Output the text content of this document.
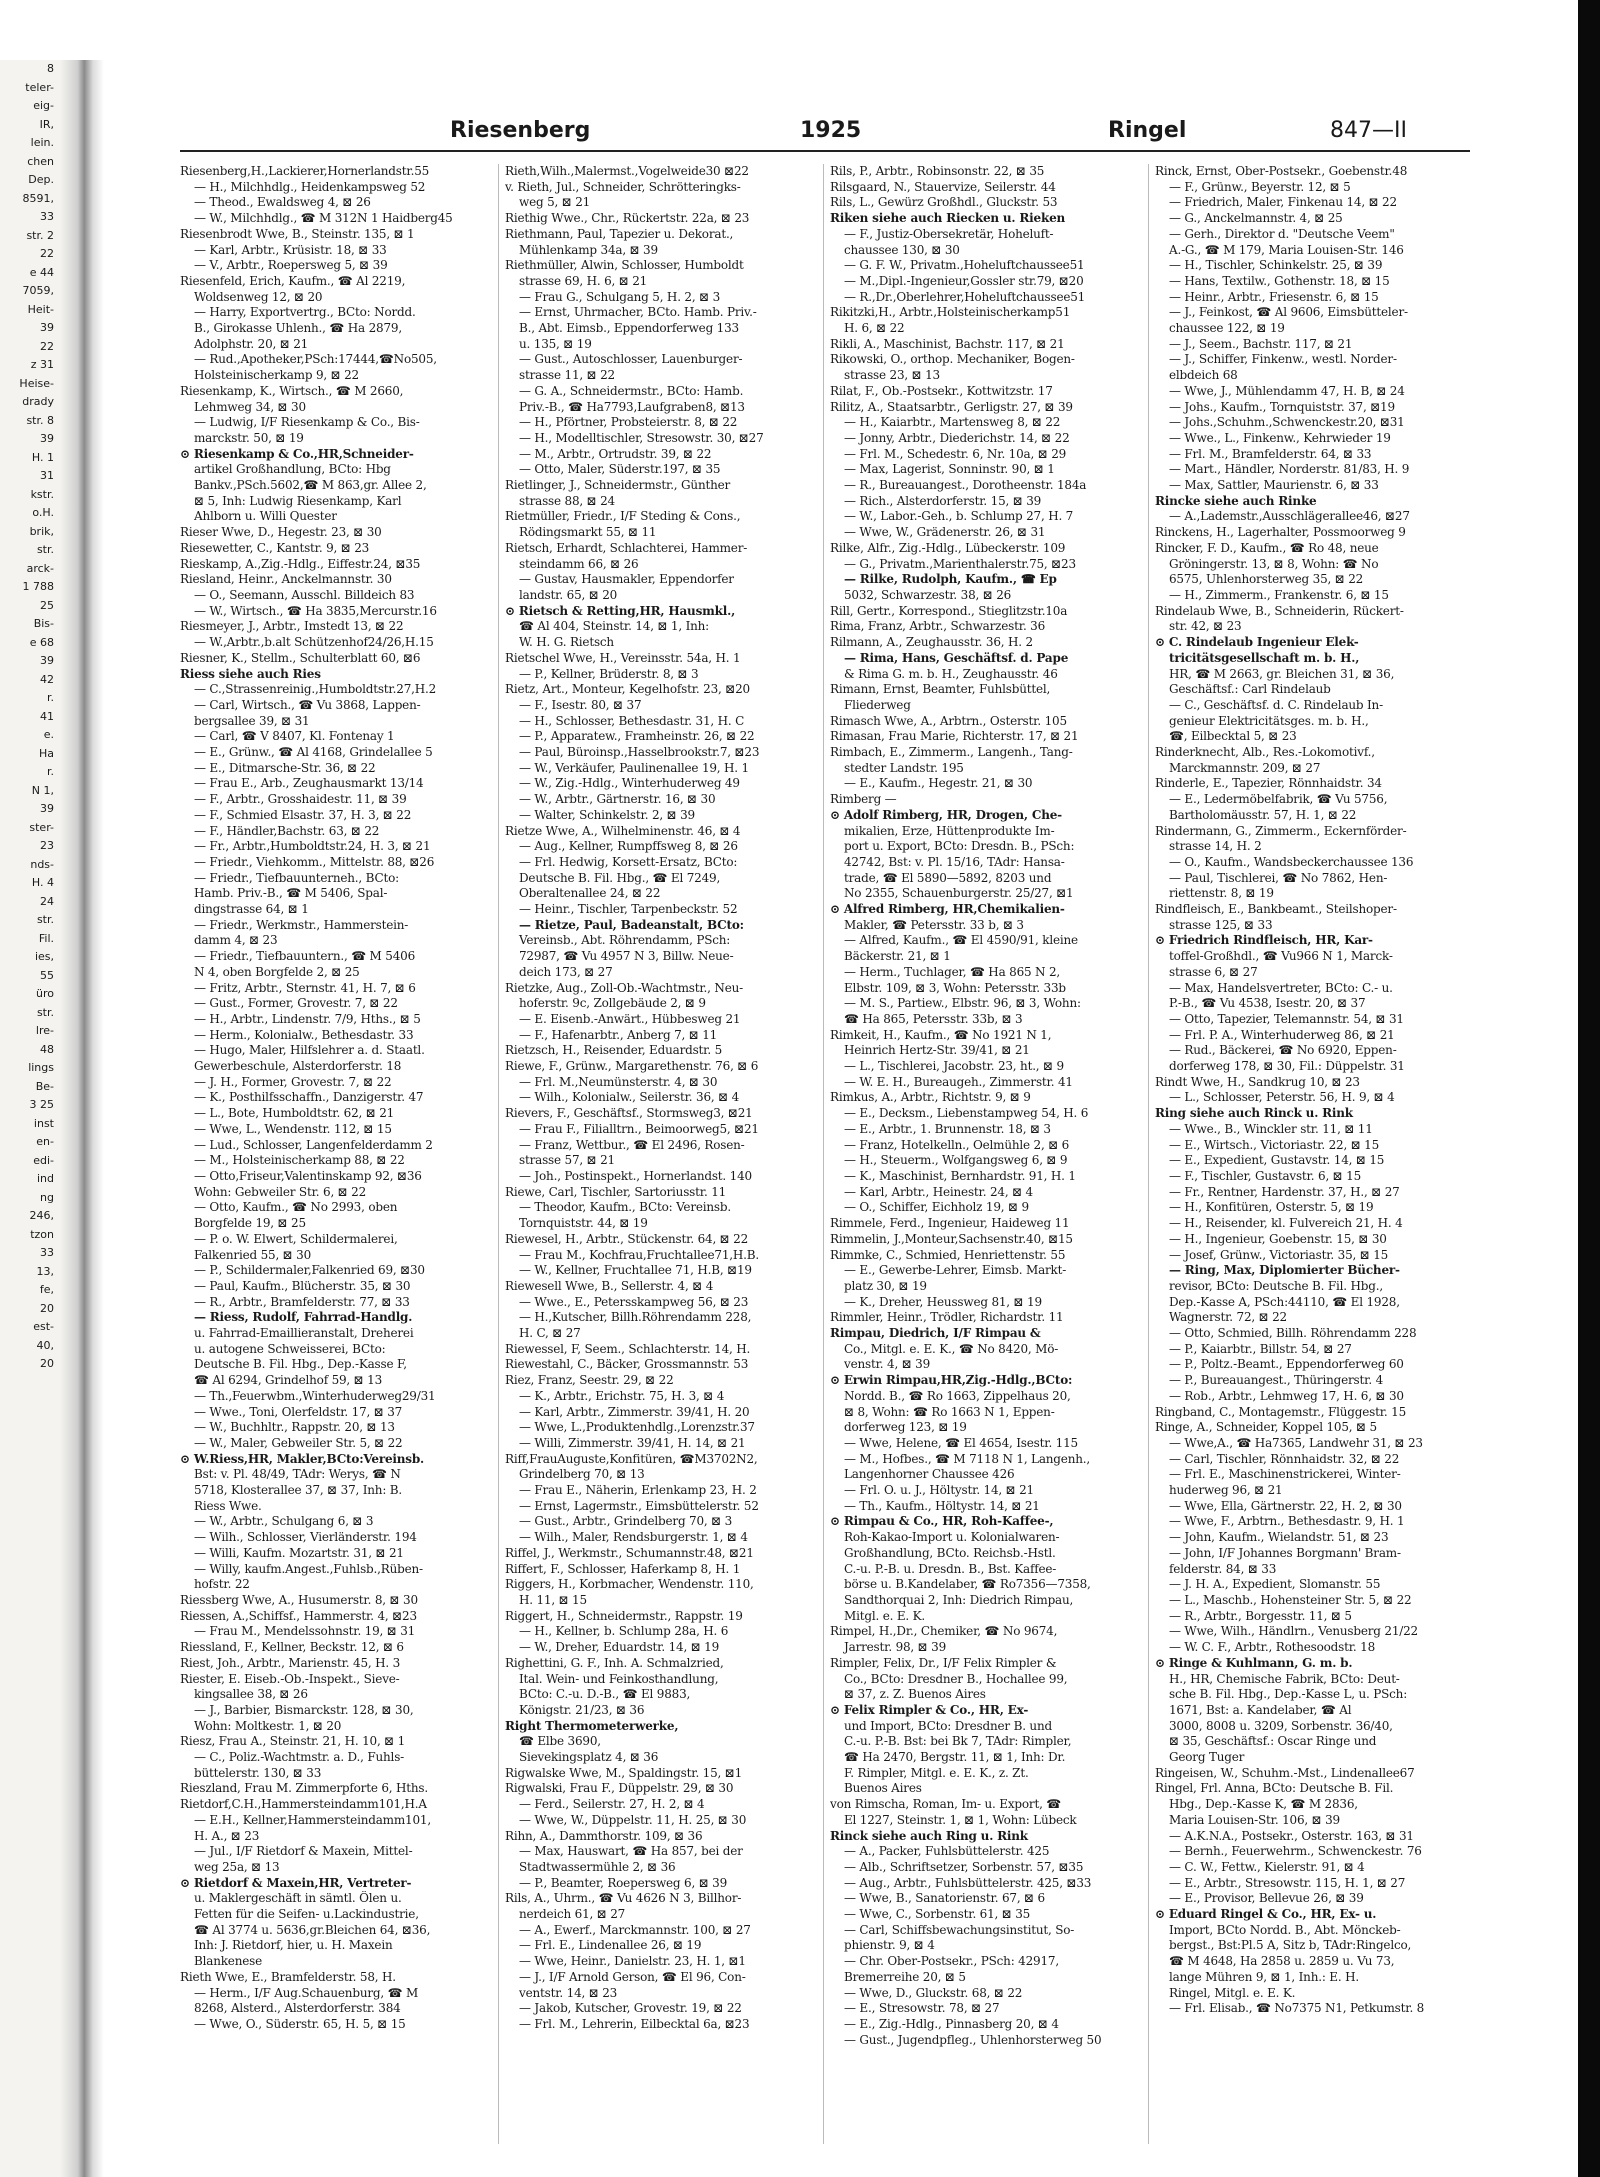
8
teler-
eig-
IR,
lein.
chen
Dep.
8591,
33
str. 2
22
e 44
7059,
Heit-
39
22
z 31
Heise-
drady
str. 8
39
H. 1
31
kstr.
o.H.
brik,
str.
arck-
1 788
25
Bis-
e 68
39
42
r.
41
e.
Ha
r.
N 1,
39
ster-
23
nds-
H. 4
24
str.
Fil.
ies,
55
üro
str.
lre-
48
lings
Be-
3 25
inst
en-
edi-
ind
ng
246,
tzon
33
13,
fe,
20
est-
40,
20
Riesenberg	1925	Ringel	847—II
Riesenberg,H.,Lackierer,Hornerlandstr.55
— H., Milchhdlg., Heidenkampsweg 52
— Theod., Ewaldsweg 4, ⊠ 26
— W., Milchhdlg., ☎ M 312N 1 Haidberg45
Riesenbrodt Wwe, B., Steinstr. 135, ⊠ 1
— Karl, Arbtr., Krüsistr. 18, ⊠ 33
— V., Arbtr., Roepersweg 5, ⊠ 39
Riesenfeld, Erich, Kaufm., ☎ Al 2219,
Woldsenweg 12, ⊠ 20
— Harry, Exportvertrg., BCto: Nordd.
B., Girokasse Uhlenh., ☎ Ha 2879,
Adolphstr. 20, ⊠ 21
— Rud.,Apotheker,PSch:17444,☎No505,
Holsteinischerkamp 9, ⊠ 22
Riesenkamp, K., Wirtsch., ☎ M 2660,
Lehmweg 34, ⊠ 30
— Ludwig, I/F Riesenkamp & Co., Bis-
marckstr. 50, ⊠ 19
⊙ Riesenkamp & Co.,HR,Schneider-
artikel Großhandlung, BCto: Hbg
Bankv.,PSch.5602,☎ M 863,gr. Allee 2,
⊠ 5, Inh: Ludwig Riesenkamp, Karl
Ahlborn u. Willi Quester
Rieser Wwe, D., Hegestr. 23, ⊠ 30
Riesewetter, C., Kantstr. 9, ⊠ 23
Rieskamp, A.,Zig.-Hdlg., Eiffestr.24, ⊠35
Riesland, Heinr., Anckelmannstr. 30
— O., Seemann, Ausschl. Billdeich 83
— W., Wirtsch., ☎ Ha 3835,Mercurstr.16
Riesmeyer, J., Arbtr., Imstedt 13, ⊠ 22
— W.,Arbtr.,b.alt Schützenhof24/26,H.15
Riesner, K., Stellm., Schulterblatt 60, ⊠6
Riess siehe auch Ries
— C.,Strassenreinig.,Humboldtstr.27,H.2
— Carl, Wirtsch., ☎ Vu 3868, Lappen-
bergsallee 39, ⊠ 31
— Carl, ☎ V 8407, Kl. Fontenay 1
— E., Grünw., ☎ Al 4168, Grindelallee 5
— E., Ditmarsche-Str. 36, ⊠ 22
— Frau E., Arb., Zeughausmarkt 13/14
— F., Arbtr., Grosshaidestr. 11, ⊠ 39
— F., Schmied Elsastr. 37, H. 3, ⊠ 22
— F., Händler,Bachstr. 63, ⊠ 22
— Fr., Arbtr.,Humboldtstr.24, H. 3, ⊠ 21
— Friedr., Viehkomm., Mittelstr. 88, ⊠26
— Friedr., Tiefbauunterneh., BCto:
Hamb. Priv.-B., ☎ M 5406, Spal-
dingstrasse 64, ⊠ 1
— Friedr., Werkmstr., Hammerstein-
damm 4, ⊠ 23
— Friedr., Tiefbauuntern., ☎ M 5406
N 4, oben Borgfelde 2, ⊠ 25
— Fritz, Arbtr., Sternstr. 41, H. 7, ⊠ 6
— Gust., Former, Grovestr. 7, ⊠ 22
— H., Arbtr., Lindenstr. 7/9, Hths., ⊠ 5
— Herm., Kolonialw., Bethesdastr. 33
— Hugo, Maler, Hilfslehrer a. d. Staatl.
Gewerbeschule, Alsterdorferstr. 18
— J. H., Former, Grovestr. 7, ⊠ 22
— K., Posthilfsschaffn., Danzigerstr. 47
— L., Bote, Humboldtstr. 62, ⊠ 21
— Wwe, L., Wendenstr. 112, ⊠ 15
— Lud., Schlosser, Langenfelderdamm 2
— M., Holsteinischerkamp 88, ⊠ 22
— Otto,Friseur,Valentinskamp 92, ⊠36
Wohn: Gebweiler Str. 6, ⊠ 22
— Otto, Kaufm., ☎ No 2993, oben
Borgfelde 19, ⊠ 25
— P. o. W. Elwert, Schildermalerei,
Falkenried 55, ⊠ 30
— P., Schildermaler,Falkenried 69, ⊠30
— Paul, Kaufm., Blücherstr. 35, ⊠ 30
— R., Arbtr., Bramfelderstr. 77, ⊠ 33
— Riess, Rudolf, Fahrrad-Handlg.
u. Fahrrad-Emaillieranstalt, Dreherei
u. autogene Schweisserei, BCto:
Deutsche B. Fil. Hbg., Dep.-Kasse F,
☎ Al 6294, Grindelhof 59, ⊠ 13
— Th.,Feuerwbm.,Winterhuderweg29/31
— Wwe., Toni, Olerfeldstr. 17, ⊠ 37
— W., Buchhltr., Rappstr. 20, ⊠ 13
— W., Maler, Gebweiler Str. 5, ⊠ 22
⊙ W.Riess,HR, Makler,BCto:Vereinsb.
Bst: v. Pl. 48/49, TAdr: Werys, ☎ N
5718, Klosterallee 37, ⊠ 37, Inh: B.
Riess Wwe.
— W., Arbtr., Schulgang 6, ⊠ 3
— Wilh., Schlosser, Vierländerstr. 194
— Willi, Kaufm. Mozartstr. 31, ⊠ 21
— Willy, kaufm.Angest.,Fuhlsb.,Rüben-
hofstr. 22
Riessberg Wwe, A., Husumerstr. 8, ⊠ 30
Riessen, A.,Schiffsf., Hammerstr. 4, ⊠23
— Frau M., Mendelssohnstr. 19, ⊠ 31
Riessland, F., Kellner, Beckstr. 12, ⊠ 6
Riest, Joh., Arbtr., Marienstr. 45, H. 3
Riester, E. Eiseb.-Ob.-Inspekt., Sieve-
kingsallee 38, ⊠ 26
— J., Barbier, Bismarckstr. 128, ⊠ 30,
Wohn: Moltkestr. 1, ⊠ 20
Riesz, Frau A., Steinstr. 21, H. 10, ⊠ 1
— C., Poliz.-Wachtmstr. a. D., Fuhls-
büttelerstr. 130, ⊠ 33
Rieszland, Frau M. Zimmerpforte 6, Hths.
Rietdorf,C.H.,Hammersteindamm101,H.A
— E.H., Kellner,Hammersteindamm101,
H. A., ⊠ 23
— Jul., I/F Rietdorf & Maxein, Mittel-
weg 25a, ⊠ 13
⊙ Rietdorf & Maxein,HR, Vertreter-
u. Maklergeschäft in sämtl. Ölen u.
Fetten für die Seifen- u.Lackindustrie,
☎ Al 3774 u. 5636,gr.Bleichen 64, ⊠36,
Inh: J. Rietdorf, hier, u. H. Maxein
Blankenese
Rieth Wwe, E., Bramfelderstr. 58, H.
— Herm., I/F Aug.Schauenburg, ☎ M
8268, Alsterd., Alsterdorferstr. 384
— Wwe, O., Süderstr. 65, H. 5, ⊠ 15
Rieth,Wilh.,Malermst.,Vogelweide30 ⊠22
v. Rieth, Jul., Schneider, Schrötteringks-
weg 5, ⊠ 21
Riethig Wwe., Chr., Rückertstr. 22a, ⊠ 23
Riethmann, Paul, Tapezier u. Dekorat.,
Mühlenkamp 34a, ⊠ 39
Riethmüller, Alwin, Schlosser, Humboldt
strasse 69, H. 6, ⊠ 21
— Frau G., Schulgang 5, H. 2, ⊠ 3
— Ernst, Uhrmacher, BCto. Hamb. Priv.-
B., Abt. Eimsb., Eppendorferweg 133
u. 135, ⊠ 19
— Gust., Autoschlosser, Lauenburger-
strasse 11, ⊠ 22
— G. A., Schneidermstr., BCto: Hamb.
Priv.-B., ☎ Ha7793,Laufgraben8, ⊠13
— H., Pförtner, Probsteierstr. 8, ⊠ 22
— H., Modelltischler, Stresowstr. 30, ⊠27
— M., Arbtr., Ortrudstr. 39, ⊠ 22
— Otto, Maler, Süderstr.197, ⊠ 35
Rietlinger, J., Schneidermstr., Günther
strasse 88, ⊠ 24
Rietmüller, Friedr., I/F Steding & Cons.,
Rödingsmarkt 55, ⊠ 11
Rietsch, Erhardt, Schlachterei, Hammer-
steindamm 66, ⊠ 26
— Gustav, Hausmakler, Eppendorfer
landstr. 65, ⊠ 20
⊙ Rietsch & Retting,HR, Hausmkl.,
☎ Al 404, Steinstr. 14, ⊠ 1, Inh:
W. H. G. Rietsch
Rietschel Wwe, H., Vereinsstr. 54a, H. 1
— P., Kellner, Brüderstr. 8, ⊠ 3
Rietz, Art., Monteur, Kegelhofstr. 23, ⊠20
— F., Isestr. 80, ⊠ 37
— H., Schlosser, Bethesdastr. 31, H. C
— P., Apparatew., Framheinstr. 26, ⊠ 22
— Paul, Büroinsp.,Hasselbrookstr.7, ⊠23
— W., Verkäufer, Paulinenallee 19, H. 1
— W., Zig.-Hdlg., Winterhuderweg 49
— W., Arbtr., Gärtnerstr. 16, ⊠ 30
— Walter, Schinkelstr. 2, ⊠ 39
Rietze Wwe, A., Wilhelminenstr. 46, ⊠ 4
— Aug., Kellner, Rumpffsweg 8, ⊠ 26
— Frl. Hedwig, Korsett-Ersatz, BCto:
Deutsche B. Fil. Hbg., ☎ El 7249,
Oberaltenallee 24, ⊠ 22
— Heinr., Tischler, Tarpenbeckstr. 52
— Rietze, Paul, Badeanstalt, BCto:
Vereinsb., Abt. Röhrendamm, PSch:
72987, ☎ Vu 4957 N 3, Billw. Neue-
deich 173, ⊠ 27
Rietzke, Aug., Zoll-Ob.-Wachtmstr., Neu-
hoferstr. 9c, Zollgebäude 2, ⊠ 9
— E. Eisenb.-Anwärt., Hübbesweg 21
— F., Hafenarbtr., Anberg 7, ⊠ 11
Rietzsch, H., Reisender, Eduardstr. 5
Riewe, F., Grünw., Margarethenstr. 76, ⊠ 6
— Frl. M.,Neumünsterstr. 4, ⊠ 30
— Wilh., Kolonialw., Seilerstr. 36, ⊠ 4
Rievers, F., Geschäftsf., Stormsweg3, ⊠21
— Frau F., Filialltrn., Beimoorweg5, ⊠21
— Franz, Wettbur., ☎ El 2496, Rosen-
strasse 57, ⊠ 21
— Joh., Postinspekt., Hornerlandst. 140
Riewe, Carl, Tischler, Sartoriusstr. 11
— Theodor, Kaufm., BCto: Vereinsb.
Tornquiststr. 44, ⊠ 19
Riewesel, H., Arbtr., Stückenstr. 64, ⊠ 22
— Frau M., Kochfrau,Fruchtallee71,H.B.
— W., Kellner, Fruchtallee 71, H.B, ⊠19
Riewesell Wwe, B., Sellerstr. 4, ⊠ 4
— Wwe., E., Petersskampweg 56, ⊠ 23
— H.,Kutscher, Billh.Röhrendamm 228,
H. C, ⊠ 27
Riewessel, F, Seem., Schlachterstr. 14, H.
Riewestahl, C., Bäcker, Grossmannstr. 53
Riez, Franz, Seestr. 29, ⊠ 22
— K., Arbtr., Erichstr. 75, H. 3, ⊠ 4
— Karl, Arbtr., Zimmerstr. 39/41, H. 20
— Wwe, L.,Produktenhdlg.,Lorenzstr.37
— Willi, Zimmerstr. 39/41, H. 14, ⊠ 21
Riff,FrauAuguste,Konfitüren, ☎M3702N2,
Grindelberg 70, ⊠ 13
— Frau E., Näherin, Erlenkamp 23, H. 2
— Ernst, Lagermstr., Eimsbüttelerstr. 52
— Gust., Arbtr., Grindelberg 70, ⊠ 3
— Wilh., Maler, Rendsburgerstr. 1, ⊠ 4
Riffel, J., Werkmstr., Schumannstr.48, ⊠21
Riffert, F., Schlosser, Haferkamp 8, H. 1
Riggers, H., Korbmacher, Wendenstr. 110,
H. 11, ⊠ 15
Riggert, H., Schneidermstr., Rappstr. 19
— H., Kellner, b. Schlump 28a, H. 6
— W., Dreher, Eduardstr. 14, ⊠ 19
Righettini, G. F., Inh. A. Schmalzried,
Ital. Wein- und Feinkosthandlung,
BCto: C.-u. D.-B., ☎ El 9883,
Königstr. 21/23, ⊠ 36
Right Thermometerwerke,
☎ Elbe 3690,
Sievekingsplatz 4, ⊠ 36
Rigwalske Wwe, M., Spaldingstr. 15, ⊠1
Rigwalski, Frau F., Düppelstr. 29, ⊠ 30
— Ferd., Seilerstr. 27, H. 2, ⊠ 4
— Wwe, W., Düppelstr. 11, H. 25, ⊠ 30
Rihn, A., Dammthorstr. 109, ⊠ 36
— Max, Hauswart, ☎ Ha 857, bei der
Stadtwassermühle 2, ⊠ 36
— P., Beamter, Roepersweg 6, ⊠ 39
Rils, A., Uhrm., ☎ Vu 4626 N 3, Billhor-
nerdeich 61, ⊠ 27
— A., Ewerf., Marckmannstr. 100, ⊠ 27
— Frl. E., Lindenallee 26, ⊠ 19
— Wwe, Heinr., Danielstr. 23, H. 1, ⊠1
— J., I/F Arnold Gerson, ☎ El 96, Con-
ventstr. 14, ⊠ 23
— Jakob, Kutscher, Grovestr. 19, ⊠ 22
— Frl. M., Lehrerin, Eilbecktal 6a, ⊠23
Rils, P., Arbtr., Robinsonstr. 22, ⊠ 35
Rilsgaard, N., Stauervize, Seilerstr. 44
Rils, L., Gewürz Großhdl., Gluckstr. 53
Riken siehe auch Riecken u. Rieken
— F., Justiz-Obersekretär, Hoheluft-
chaussee 130, ⊠ 30
— G. F. W., Privatm.,Hoheluftchaussee51
— M.,Dipl.-Ingenieur,Gossler str.79, ⊠20
— R.,Dr.,Oberlehrer,Hoheluftchaussee51
Rikitzki,H., Arbtr.,Holsteinischerkamp51
H. 6, ⊠ 22
Rikli, A., Maschinist, Bachstr. 117, ⊠ 21
Rikowski, O., orthop. Mechaniker, Bogen-
strasse 23, ⊠ 13
Rilat, F., Ob.-Postsekr., Kottwitzstr. 17
Rilitz, A., Staatsarbtr., Gerligstr. 27, ⊠ 39
— H., Kaiarbtr., Martensweg 8, ⊠ 22
— Jonny, Arbtr., Diederichstr. 14, ⊠ 22
— Frl. M., Schedestr. 6, Nr. 10a, ⊠ 29
— Max, Lagerist, Sonninstr. 90, ⊠ 1
— R., Bureauangest., Dorotheenstr. 184a
— Rich., Alsterdorferstr. 15, ⊠ 39
— W., Labor.-Geh., b. Schlump 27, H. 7
— Wwe, W., Grädenerstr. 26, ⊠ 31
Rilke, Alfr., Zig.-Hdlg., Lübeckerstr. 109
— G., Privatm.,Marienthalerstr.75, ⊠23
— Rilke, Rudolph, Kaufm., ☎ Ep
5032, Schwarzestr. 38, ⊠ 26
Rill, Gertr., Korrespond., Stieglitzstr.10a
Rima, Franz, Arbtr., Schwarzestr. 36
Rilmann, A., Zeughausstr. 36, H. 2
— Rima, Hans, Geschäftsf. d. Pape
& Rima G. m. b. H., Zeughausstr. 46
Rimann, Ernst, Beamter, Fuhlsbüttel,
Fliederweg
Rimasch Wwe, A., Arbtrn., Osterstr. 105
Rimasan, Frau Marie, Richterstr. 17, ⊠ 21
Rimbach, E., Zimmerm., Langenh., Tang-
stedter Landstr. 195
— E., Kaufm., Hegestr. 21, ⊠ 30
Rimberg —
⊙ Adolf Rimberg, HR, Drogen, Che-
mikalien, Erze, Hüttenprodukte Im-
port u. Export, BCto: Dresdn. B., PSch:
42742, Bst: v. Pl. 15/16, TAdr: Hansa-
trade, ☎ El 5890—5892, 8203 und
No 2355, Schauenburgerstr. 25/27, ⊠1
⊙ Alfred Rimberg, HR,Chemikalien-
Makler, ☎ Petersstr. 33 b, ⊠ 3
— Alfred, Kaufm., ☎ El 4590/91, kleine
Bäckerstr. 21, ⊠ 1
— Herm., Tuchlager, ☎ Ha 865 N 2,
Elbstr. 109, ⊠ 3, Wohn: Petersstr. 33b
— M. S., Partiew., Elbstr. 96, ⊠ 3, Wohn:
☎ Ha 865, Petersstr. 33b, ⊠ 3
Rimkeit, H., Kaufm., ☎ No 1921 N 1,
Heinrich Hertz-Str. 39/41, ⊠ 21
— L., Tischlerei, Jacobstr. 23, ht., ⊠ 9
— W. E. H., Bureaugeh., Zimmerstr. 41
Rimkus, A., Arbtr., Richtstr. 9, ⊠ 9
— E., Decksm., Liebenstampweg 54, H. 6
— E., Arbtr., 1. Brunnenstr. 18, ⊠ 3
— Franz, Hotelkelln., Oelmühle 2, ⊠ 6
— H., Steuerm., Wolfgangsweg 6, ⊠ 9
— K., Maschinist, Bernhardstr. 91, H. 1
— Karl, Arbtr., Heinestr. 24, ⊠ 4
— O., Schiffer, Eichholz 19, ⊠ 9
Rimmele, Ferd., Ingenieur, Haideweg 11
Rimmelin, J.,Monteur,Sachsenstr.40, ⊠15
Rimmke, C., Schmied, Henriettenstr. 55
— E., Gewerbe-Lehrer, Eimsb. Markt-
platz 30, ⊠ 19
— K., Dreher, Heussweg 81, ⊠ 19
Rimmler, Heinr., Trödler, Richardstr. 11
Rimpau, Diedrich, I/F Rimpau &
Co., Mitgl. e. E. K., ☎ No 8420, Mö-
venstr. 4, ⊠ 39
⊙ Erwin Rimpau,HR,Zig.-Hdlg.,BCto:
Nordd. B., ☎ Ro 1663, Zippelhaus 20,
⊠ 8, Wohn: ☎ Ro 1663 N 1, Eppen-
dorferweg 123, ⊠ 19
— Wwe, Helene, ☎ El 4654, Isestr. 115
— M., Hofbes., ☎ M 7118 N 1, Langenh.,
Langenhorner Chaussee 426
— Frl. O. u. J., Höltystr. 14, ⊠ 21
— Th., Kaufm., Höltystr. 14, ⊠ 21
⊙ Rimpau & Co., HR, Roh-Kaffee-,
Roh-Kakao-Import u. Kolonialwaren-
Großhandlung, BCto. Reichsb.-Hstl.
C.-u. P.-B. u. Dresdn. B., Bst. Kaffee-
börse u. B.Kandelaber, ☎ Ro7356—7358,
Sandthorquai 2, Inh: Diedrich Rimpau,
Mitgl. e. E. K.
Rimpel, H.,Dr., Chemiker, ☎ No 9674,
Jarrestr. 98, ⊠ 39
Rimpler, Felix, Dr., I/F Felix Rimpler &
Co., BCto: Dresdner B., Hochallee 99,
⊠ 37, z. Z. Buenos Aires
⊙ Felix Rimpler & Co., HR, Ex-
und Import, BCto: Dresdner B. und
C.-u. P.-B. Bst: bei Bk 7, TAdr: Rimpler,
☎ Ha 2470, Bergstr. 11, ⊠ 1, Inh: Dr.
F. Rimpler, Mitgl. e. E. K., z. Zt.
Buenos Aires
von Rimscha, Roman, Im- u. Export, ☎
El 1227, Steinstr. 1, ⊠ 1, Wohn: Lübeck
Rinck siehe auch Ring u. Rink
— A., Packer, Fuhlsbüttelerstr. 425
— Alb., Schriftsetzer, Sorbenstr. 57, ⊠35
— Aug., Arbtr., Fuhlsbüttelerstr. 425, ⊠33
— Wwe, B., Sanatorienstr. 67, ⊠ 6
— Wwe, C., Sorbenstr. 61, ⊠ 35
— Carl, Schiffsbewachungsinstitut, So-
phienstr. 9, ⊠ 4
— Chr. Ober-Postsekr., PSch: 42917,
Bremerreihe 20, ⊠ 5
— Wwe, D., Gluckstr. 68, ⊠ 22
— E., Stresowstr. 78, ⊠ 27
— E., Zig.-Hdlg., Pinnasberg 20, ⊠ 4
— Gust., Jugendpfleg., Uhlenhorsterweg 50
Rinck, Ernst, Ober-Postsekr., Goebenstr.48
— F., Grünw., Beyerstr. 12, ⊠ 5
— Friedrich, Maler, Finkenau 14, ⊠ 22
— G., Anckelmannstr. 4, ⊠ 25
— Gerh., Direktor d. "Deutsche Veem"
A.-G., ☎ M 179, Maria Louisen-Str. 146
— H., Tischler, Schinkelstr. 25, ⊠ 39
— Hans, Textilw., Gothenstr. 18, ⊠ 15
— Heinr., Arbtr., Friesenstr. 6, ⊠ 15
— J., Feinkost, ☎ Al 9606, Eimsbütteler-
chaussee 122, ⊠ 19
— J., Seem., Bachstr. 117, ⊠ 21
— J., Schiffer, Finkenw., westl. Norder-
elbdeich 68
— Wwe, J., Mühlendamm 47, H. B, ⊠ 24
— Johs., Kaufm., Tornquiststr. 37, ⊠19
— Johs.,Schuhm.,Schwenckestr.20, ⊠31
— Wwe., L., Finkenw., Kehrwieder 19
— Frl. M., Bramfelderstr. 64, ⊠ 33
— Mart., Händler, Norderstr. 81/83, H. 9
— Max, Sattler, Maurienstr. 6, ⊠ 33
Rincke siehe auch Rinke
— A.,Lademstr.,Ausschlägerallee46, ⊠27
Rinckens, H., Lagerhalter, Possmoorweg 9
Rincker, F. D., Kaufm., ☎ Ro 48, neue
Gröningerstr. 13, ⊠ 8, Wohn: ☎ No
6575, Uhlenhorsterweg 35, ⊠ 22
— H., Zimmerm., Frankenstr. 6, ⊠ 15
Rindelaub Wwe, B., Schneiderin, Rückert-
str. 42, ⊠ 23
⊙ C. Rindelaub Ingenieur Elek-
tricitätsgesellschaft m. b. H.,
HR, ☎ M 2663, gr. Bleichen 31, ⊠ 36,
Geschäftsf.: Carl Rindelaub
— C., Geschäftsf. d. C. Rindelaub In-
genieur Elektricitätsges. m. b. H.,
☎, Eilbecktal 5, ⊠ 23
Rinderknecht, Alb., Res.-Lokomotivf.,
Marckmannstr. 209, ⊠ 27
Rinderle, E., Tapezier, Rönnhaidstr. 34
— E., Ledermöbelfabrik, ☎ Vu 5756,
Bartholomäusstr. 57, H. 1, ⊠ 22
Rindermann, G., Zimmerm., Eckernförder-
strasse 14, H. 2
— O., Kaufm., Wandsbeckerchaussee 136
— Paul, Tischlerei, ☎ No 7862, Hen-
riettenstr. 8, ⊠ 19
Rindfleisch, E., Bankbeamt., Steilshoper-
strasse 125, ⊠ 33
⊙ Friedrich Rindfleisch, HR, Kar-
toffel-Großhdl., ☎ Vu966 N 1, Marck-
strasse 6, ⊠ 27
— Max, Handelsvertreter, BCto: C.- u.
P.-B., ☎ Vu 4538, Isestr. 20, ⊠ 37
— Otto, Tapezier, Telemannstr. 54, ⊠ 31
— Frl. P. A., Winterhuderweg 86, ⊠ 21
— Rud., Bäckerei, ☎ No 6920, Eppen-
dorferweg 178, ⊠ 30, Fil.: Düppelstr. 31
Rindt Wwe, H., Sandkrug 10, ⊠ 23
— L., Schlosser, Peterstr. 56, H. 9, ⊠ 4
Ring siehe auch Rinck u. Rink
— Wwe., B., Winckler str. 11, ⊠ 11
— E., Wirtsch., Victoriastr. 22, ⊠ 15
— E., Expedient, Gustavstr. 14, ⊠ 15
— F., Tischler, Gustavstr. 6, ⊠ 15
— Fr., Rentner, Hardenstr. 37, H., ⊠ 27
— H., Konfitüren, Osterstr. 5, ⊠ 19
— H., Reisender, kl. Fulvereich 21, H. 4
— H., Ingenieur, Goebenstr. 15, ⊠ 30
— Josef, Grünw., Victoriastr. 35, ⊠ 15
— Ring, Max, Diplomierter Bücher-
revisor, BCto: Deutsche B. Fil. Hbg.,
Dep.-Kasse A, PSch:44110, ☎ El 1928,
Wagnerstr. 72, ⊠ 22
— Otto, Schmied, Billh. Röhrendamm 228
— P., Kaiarbtr., Billstr. 54, ⊠ 27
— P., Poltz.-Beamt., Eppendorferweg 60
— P., Bureauangest., Thüringerstr. 4
— Rob., Arbtr., Lehmweg 17, H. 6, ⊠ 30
Ringband, C., Montagemstr., Flüggestr. 15
Ringe, A., Schneider, Koppel 105, ⊠ 5
— Wwe,A., ☎ Ha7365, Landwehr 31, ⊠ 23
— Carl, Tischler, Rönnhaidstr. 32, ⊠ 22
— Frl. E., Maschinenstrickerei, Winter-
huderweg 96, ⊠ 21
— Wwe, Ella, Gärtnerstr. 22, H. 2, ⊠ 30
— Wwe, F., Arbtrn., Bethesdastr. 9, H. 1
— John, Kaufm., Wielandstr. 51, ⊠ 23
— John, I/F Johannes Borgmann' Bram-
felderstr. 84, ⊠ 33
— J. H. A., Expedient, Slomanstr. 55
— L., Maschb., Hohensteiner Str. 5, ⊠ 22
— R., Arbtr., Borgesstr. 11, ⊠ 5
— Wwe, Wilh., Händlrn., Venusberg 21/22
— W. C. F., Arbtr., Rothesoodstr. 18
⊙ Ringe & Kuhlmann, G. m. b.
H., HR, Chemische Fabrik, BCto: Deut-
sche B. Fil. Hbg., Dep.-Kasse L, u. PSch:
1671, Bst: a. Kandelaber, ☎ Al
3000, 8008 u. 3209, Sorbenstr. 36/40,
⊠ 35, Geschäftsf.: Oscar Ringe und
Georg Tuger
Ringeisen, W., Schuhm.-Mst., Lindenallee67
Ringel, Frl. Anna, BCto: Deutsche B. Fil.
Hbg., Dep.-Kasse K, ☎ M 2836,
Maria Louisen-Str. 106, ⊠ 39
— A.K.N.A., Postsekr., Osterstr. 163, ⊠ 31
— Bernh., Feuerwehrm., Schwenckestr. 76
— C. W., Fettw., Kielerstr. 91, ⊠ 4
— E., Arbtr., Stresowstr. 115, H. 1, ⊠ 27
— E., Provisor, Bellevue 26, ⊠ 39
⊙ Eduard Ringel & Co., HR, Ex- u.
Import, BCto Nordd. B., Abt. Mönckeb-
bergst., Bst:Pl.5 A, Sitz b, TAdr:Ringelco,
☎ M 4648, Ha 2858 u. 2859 u. Vu 73,
lange Mühren 9, ⊠ 1, Inh.: E. H.
Ringel, Mitgl. e. E. K.
— Frl. Elisab., ☎ No7375 N1, Petkumstr. 8
